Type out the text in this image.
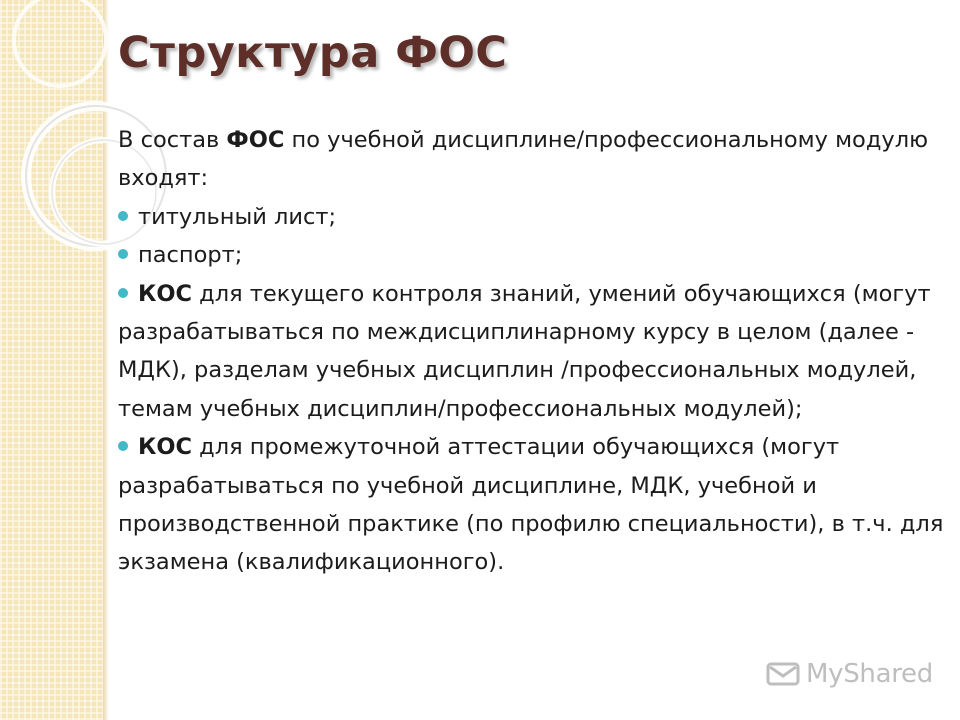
Структура ФОС

В состав ФОС по учебной дисциплине/профессиональному модулю входят:

титульный лист;

паспорт;

КОС для текущего контроля знаний, умений обучающихся (могут разрабатываться по междисциплинарному курсу в целом (далее - МДК), разделам учебных дисциплин /профессиональных модулей, темам учебных дисциплин/профессиональных модулей);

КОС для промежуточной аттестации обучающихся (могут разрабатываться по учебной дисциплине, МДК, учебной и производственной практике (по профилю специальности), в т.ч. для экзамена (квалификационного).

MyShared
